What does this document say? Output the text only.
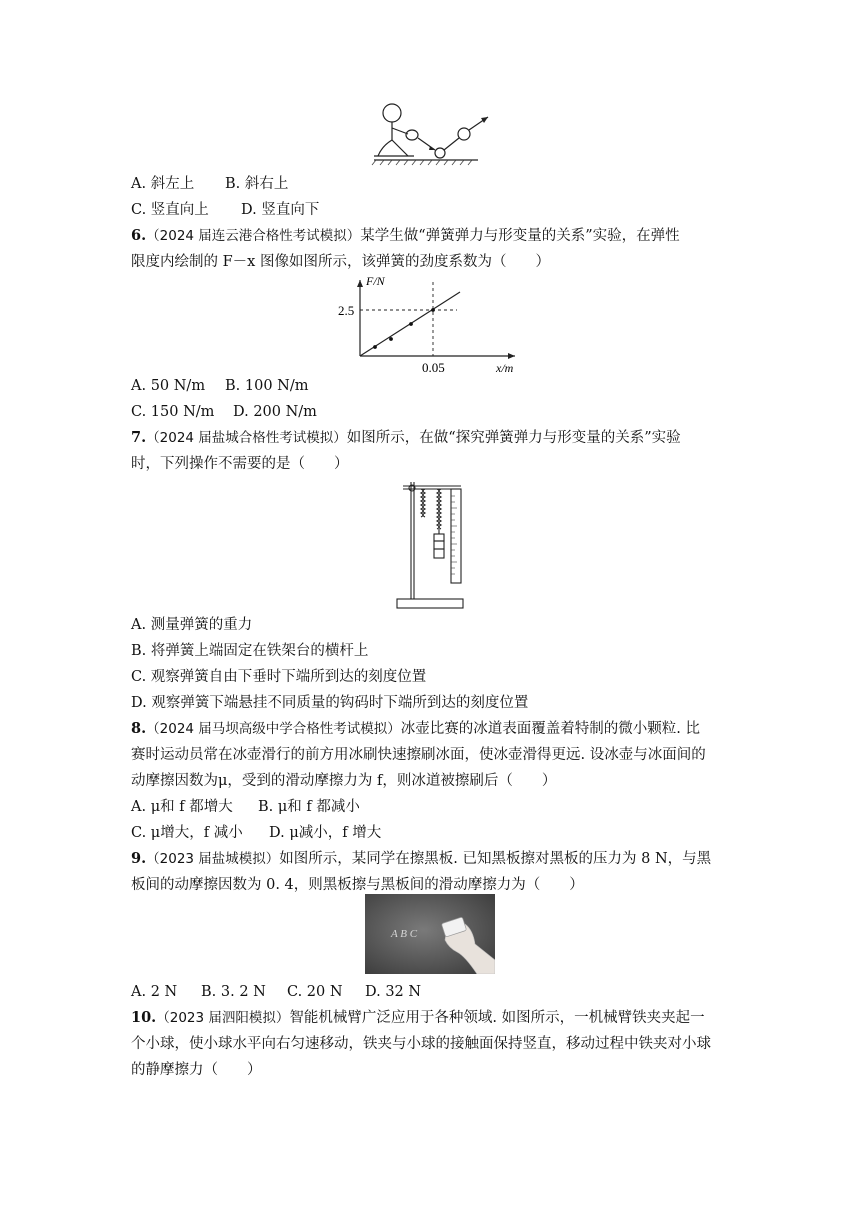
A. 斜左上 B. 斜右上
C. 竖直向上 D. 竖直向下
6.（2024 届连云港合格性考试模拟）某学生做“弹簧弹力与形变量的关系”实验，在弹性
限度内绘制的 F－x 图像如图所示，该弹簧的劲度系数为（　　）
F/N
2.5
0.05	x/m
A. 50 N/m B. 100 N/m
C. 150 N/m D. 200 N/m
7.（2024 届盐城合格性考试模拟）如图所示，在做“探究弹簧弹力与形变量的关系”实验
时，下列操作不需要的是（　　）
A. 测量弹簧的重力
B. 将弹簧上端固定在铁架台的横杆上
C. 观察弹簧自由下垂时下端所到达的刻度位置
D. 观察弹簧下端悬挂不同质量的钩码时下端所到达的刻度位置
8.（2024 届马坝高级中学合格性考试模拟）冰壶比赛的冰道表面覆盖着特制的微小颗粒. 比
赛时运动员常在冰壶滑行的前方用冰刷快速擦刷冰面，使冰壶滑得更远. 设冰壶与冰面间的
动摩擦因数为μ，受到的滑动摩擦力为 f，则冰道被擦刷后（　　）
A. μ和 f 都增大 B. μ和 f 都减小
C. μ增大，f 减小 D. μ减小，f 增大
9.（2023 届盐城模拟）如图所示，某同学在擦黑板. 已知黑板擦对黑板的压力为 8 N，与黑
板间的动摩擦因数为 0. 4，则黑板擦与黑板间的滑动摩擦力为（　　）
A B C
A. 2 N B. 3. 2 N C. 20 N D. 32 N
10.（2023 届泗阳模拟）智能机械臂广泛应用于各种领域. 如图所示，一机械臂铁夹夹起一
个小球，使小球水平向右匀速移动，铁夹与小球的接触面保持竖直，移动过程中铁夹对小球
的静摩擦力（　　）
